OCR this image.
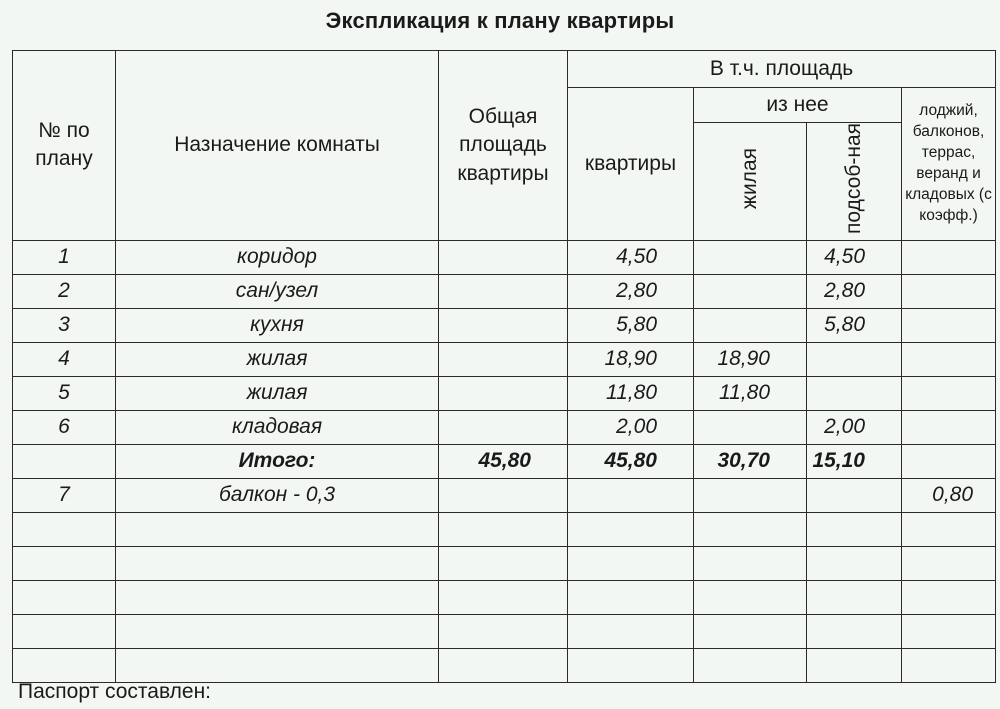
Экспликация к плану квартиры
№ по плану	Назначение комнаты	Общая площадь квартиры	В т.ч. площадь			
			квартиры	из нее		лоджий, балконов, террас, веранд и кладовых (с коэфф.)
				жилая	подсоб-ная	
1	коридор		4,50		4,50	
2	сан/узел		2,80		2,80	
3	кухня		5,80		5,80	
4	жилая		18,90	18,90		
5	жилая		11,80	11,80		
6	кладовая		2,00		2,00	
	Итого:	45,80	45,80	30,70	15,10	
7	балкон - 0,3					0,80

Паспорт составлен:
